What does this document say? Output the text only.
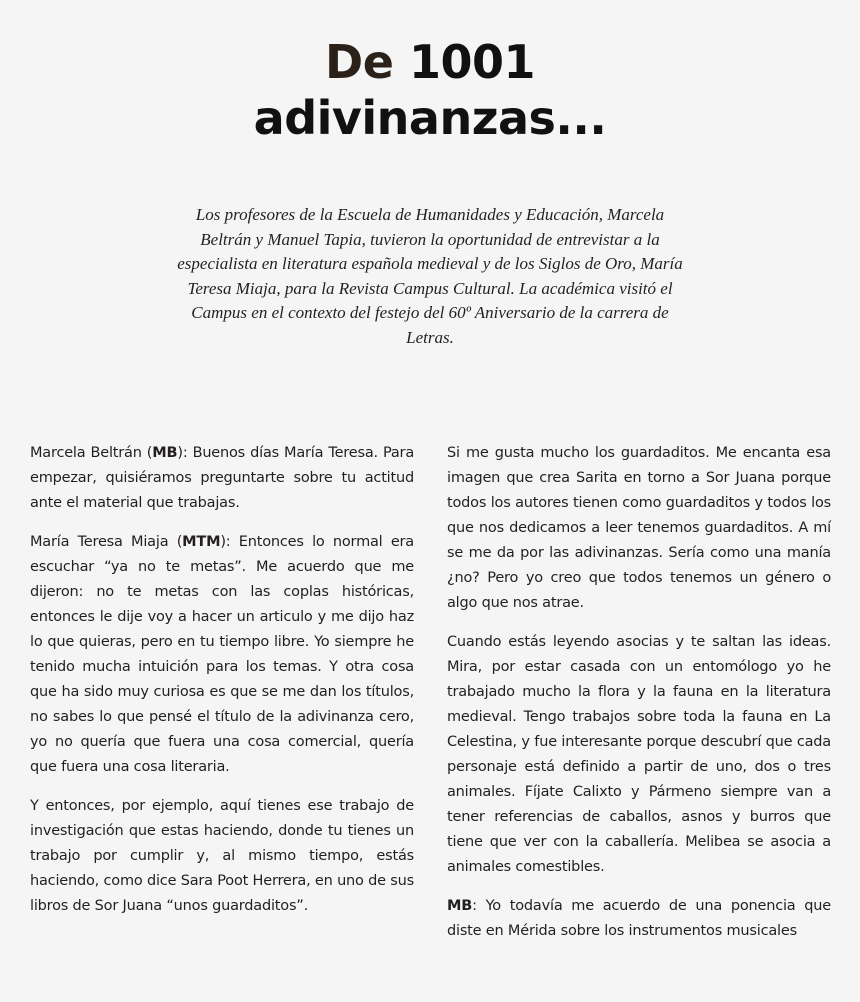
De 1001
adivinanzas...

Los profesores de la Escuela de Humanidades y Educación, Marcela Beltrán y Manuel Tapia, tuvieron la oportunidad de entrevistar a la especialista en literatura española medieval y de los Siglos de Oro, María Teresa Miaja, para la Revista Campus Cultural. La académica visitó el Campus en el contexto del festejo del 60º Aniversario de la carrera de Letras.

Marcela Beltrán (MB): Buenos días María Teresa. Para empezar, quisiéramos preguntarte sobre tu actitud ante el material que trabajas.

María Teresa Miaja (MTM): Entonces lo normal era escuchar “ya no te metas”. Me acuerdo que me dijeron: no te metas con las coplas históricas, entonces le dije voy a hacer un articulo y me dijo haz lo que quieras, pero en tu tiempo libre. Yo siempre he tenido mucha intuición para los temas. Y otra cosa que ha sido muy curiosa es que se me dan los títulos, no sabes lo que pensé el título de la adivinanza cero, yo no quería que fuera una cosa comercial, quería que fuera una cosa literaria.

Y entonces, por ejemplo, aquí tienes ese trabajo de investigación que estas haciendo, donde tu tienes un trabajo por cumplir y, al mismo tiempo, estás haciendo, como dice Sara Poot Herrera, en uno de sus libros de Sor Juana “unos guardaditos”.

Si me gusta mucho los guardaditos. Me encanta esa imagen que crea Sarita en torno a Sor Juana porque todos los autores tienen como guardaditos y todos los que nos dedicamos a leer tenemos guardaditos. A mí se me da por las adivinanzas. Sería como una manía ¿no? Pero yo creo que todos tenemos un género o algo que nos atrae.

Cuando estás leyendo asocias y te saltan las ideas. Mira, por estar casada con un entomólogo yo he trabajado mucho la flora y la fauna en la literatura medieval. Tengo trabajos sobre toda la fauna en La Celestina, y fue interesante porque descubrí que cada personaje está definido a partir de uno, dos o tres animales. Fíjate Calixto y Pármeno siempre van a tener referencias de caballos, asnos y burros que tiene que ver con la caballería. Melibea se asocia a animales comestibles.

MB: Yo todavía me acuerdo de una ponencia que diste en Mérida sobre los instrumentos musicales
